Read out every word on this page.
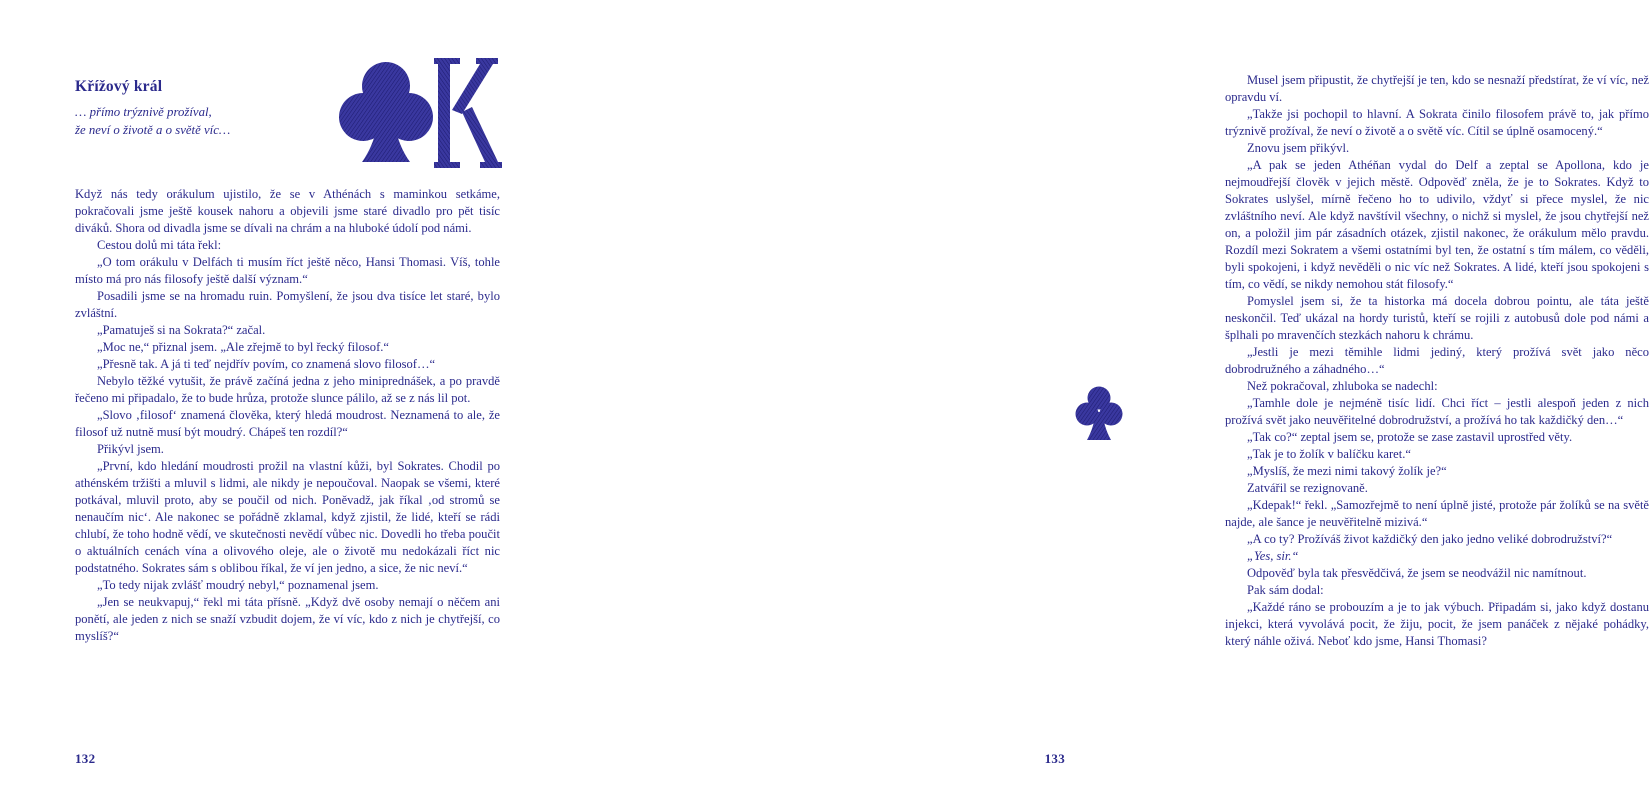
Křížový král
… přímo trýznivě prožíval,
že neví o životě a o světě víc…

Když nás tedy orákulum ujistilo, že se v Athénách s maminkou setkáme, pokračovali jsme ještě kousek nahoru a objevili jsme staré divadlo pro pět tisíc diváků. Shora od divadla jsme se dívali na chrám a na hluboké údolí pod námi.

Cestou dolů mi táta řekl:

„O tom orákulu v Delfách ti musím říct ještě něco, Hansi Thomasi. Víš, tohle místo má pro nás filosofy ještě další význam.“

Posadili jsme se na hromadu ruin. Pomyšlení, že jsou dva tisíce let staré, bylo zvláštní.

„Pamatuješ si na Sokrata?“ začal.

„Moc ne,“ přiznal jsem. „Ale zřejmě to byl řecký filosof.“

„Přesně tak. A já ti teď nejdřív povím, co znamená slovo filosof…“

Nebylo těžké vytušit, že právě začíná jedna z jeho miniprednášek, a po pravdě řečeno mi připadalo, že to bude hrůza, protože slunce pálilo, až se z nás lil pot.

„Slovo ‚filosof‘ znamená člověka, který hledá moudrost. Neznamená to ale, že filosof už nutně musí být moudrý. Chápeš ten rozdíl?“

Přikývl jsem.

„První, kdo hledání moudrosti prožil na vlastní kůži, byl Sokrates. Chodil po athénském tržišti a mluvil s lidmi, ale nikdy je nepoučoval. Naopak se všemi, které potkával, mluvil proto, aby se poučil od nich. Poněvadž, jak říkal ‚od stromů se nenaučím nic‘. Ale nakonec se pořádně zklamal, když zjistil, že lidé, kteří se rádi chlubí, že toho hodně vědí, ve skutečnosti nevědí vůbec nic. Dovedli ho třeba poučit o aktuálních cenách vína a olivového oleje, ale o životě mu nedokázali říct nic podstatného. Sokrates sám s oblibou říkal, že ví jen jedno, a sice, že nic neví.“

„To tedy nijak zvlášť moudrý nebyl,“ poznamenal jsem.

„Jen se neukvapuj,“ řekl mi táta přísně. „Když dvě osoby nemají o něčem ani ponětí, ale jeden z nich se snaží vzbudit dojem, že ví víc, kdo z nich je chytřejší, co myslíš?“

132

Musel jsem připustit, že chytřejší je ten, kdo se nesnaží předstírat, že ví víc, než opravdu ví.

„Takže jsi pochopil to hlavní. A Sokrata činilo filosofem právě to, jak přímo trýznivě prožíval, že neví o životě a o světě víc. Cítil se úplně osamocený.“

Znovu jsem přikývl.

„A pak se jeden Athéňan vydal do Delf a zeptal se Apollona, kdo je nejmoudřejší člověk v jejich městě. Odpověď zněla, že je to Sokrates. Když to Sokrates uslyšel, mírně řečeno ho to udivilo, vždyť si přece myslel, že nic zvláštního neví. Ale když navštívil všechny, o nichž si myslel, že jsou chytřejší než on, a položil jim pár zásadních otázek, zjistil nakonec, že orákulum mělo pravdu. Rozdíl mezi Sokratem a všemi ostatními byl ten, že ostatní s tím málem, co věděli, byli spokojeni, i když nevěděli o nic víc než Sokrates. A lidé, kteří jsou spokojeni s tím, co vědí, se nikdy nemohou stát filosofy.“

Pomyslel jsem si, že ta historka má docela dobrou pointu, ale táta ještě neskončil. Teď ukázal na hordy turistů, kteří se rojili z autobusů dole pod námi a šplhali po mravenčích stezkách nahoru k chrámu.

„Jestli je mezi těmihle lidmi jediný, který prožívá svět jako něco dobrodružného a záhadného…“

Než pokračoval, zhluboka se nadechl:

„Tamhle dole je nejméně tisíc lidí. Chci říct – jestli alespoň jeden z nich prožívá svět jako neuvěřitelné dobrodružství, a prožívá ho tak každičký den…“

„Tak co?“ zeptal jsem se, protože se zase zastavil uprostřed věty.

„Tak je to žolík v balíčku karet.“

„Myslíš, že mezi nimi takový žolík je?“

Zatvářil se rezignovaně.

„Kdepak!“ řekl. „Samozřejmě to není úplně jisté, protože pár žolíků se na světě najde, ale šance je neuvěřitelně mizivá.“

„A co ty? Prožíváš život každičký den jako jedno veliké dobrodružství?“

„Yes, sir.“

Odpověď byla tak přesvědčivá, že jsem se neodvážil nic namítnout.

Pak sám dodal:

„Každé ráno se probouzím a je to jak výbuch. Připadám si, jako když dostanu injekci, která vyvolává pocit, že žiju, pocit, že jsem panáček z nějaké pohádky, který náhle oživá. Neboť kdo jsme, Hansi Thomasi?

133
